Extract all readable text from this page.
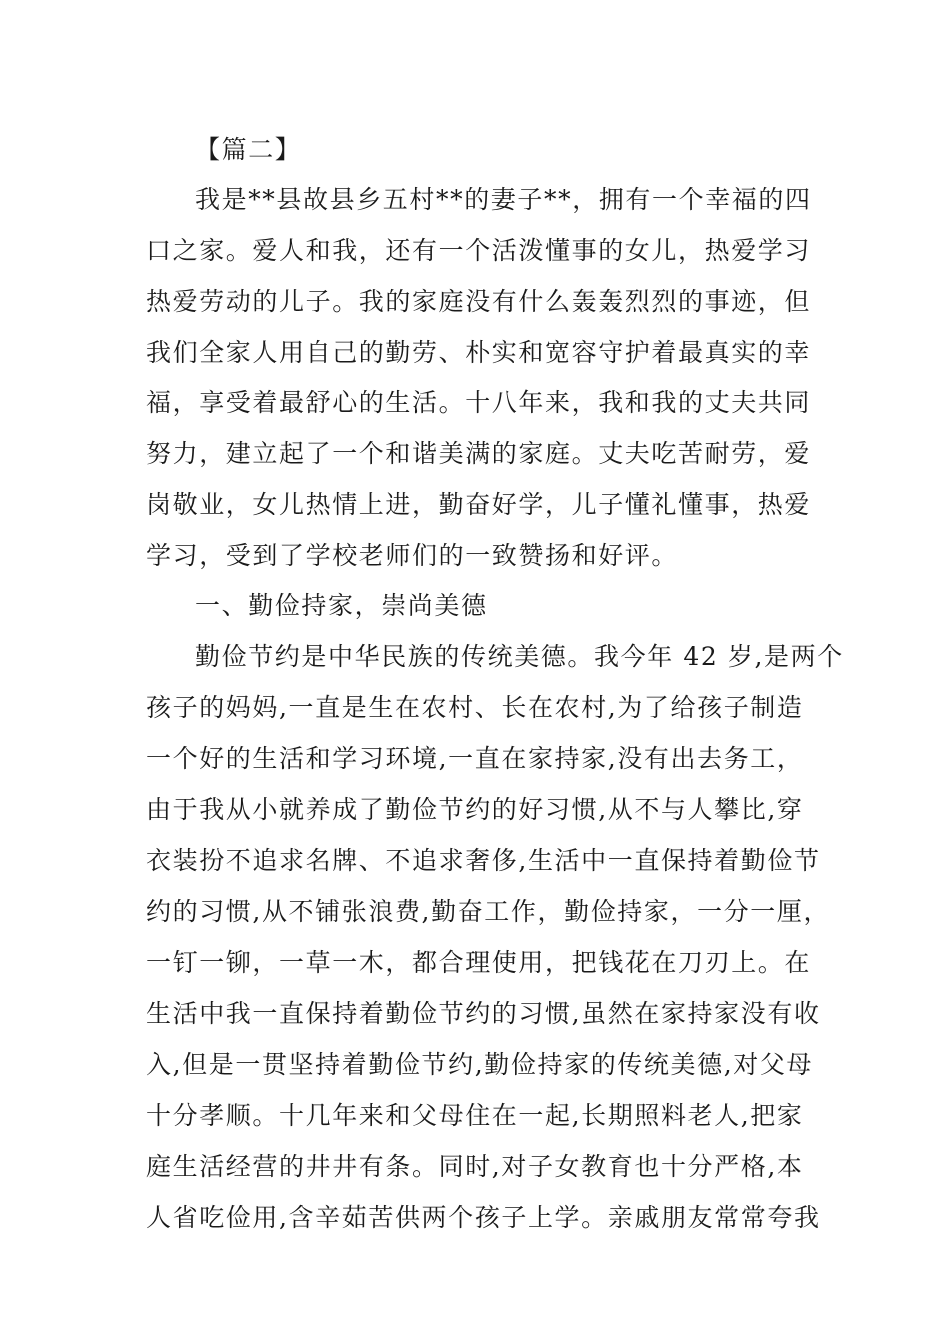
【篇二】
我是**县故县乡五村**的妻子**，拥有一个幸福的四
口之家。爱人和我，还有一个活泼懂事的女儿，热爱学习
热爱劳动的儿子。我的家庭没有什么轰轰烈烈的事迹，但
我们全家人用自己的勤劳、朴实和宽容守护着最真实的幸
福，享受着最舒心的生活。十八年来，我和我的丈夫共同
努力，建立起了一个和谐美满的家庭。丈夫吃苦耐劳，爱
岗敬业，女儿热情上进，勤奋好学，儿子懂礼懂事，热爱
学习，受到了学校老师们的一致赞扬和好评。
一、勤俭持家，崇尚美德
勤俭节约是中华民族的传统美德。我今年 42 岁,是两个
孩子的妈妈,一直是生在农村、长在农村,为了给孩子制造
一个好的生活和学习环境,一直在家持家,没有出去务工，
由于我从小就养成了勤俭节约的好习惯,从不与人攀比,穿
衣装扮不追求名牌、不追求奢侈,生活中一直保持着勤俭节
约的习惯,从不铺张浪费,勤奋工作，勤俭持家，一分一厘，
一钉一铆，一草一木，都合理使用，把钱花在刀刃上。在
生活中我一直保持着勤俭节约的习惯,虽然在家持家没有收
入,但是一贯坚持着勤俭节约,勤俭持家的传统美德,对父母
十分孝顺。十几年来和父母住在一起,长期照料老人,把家
庭生活经营的井井有条。同时,对子女教育也十分严格,本
人省吃俭用,含辛茹苦供两个孩子上学。亲戚朋友常常夸我
